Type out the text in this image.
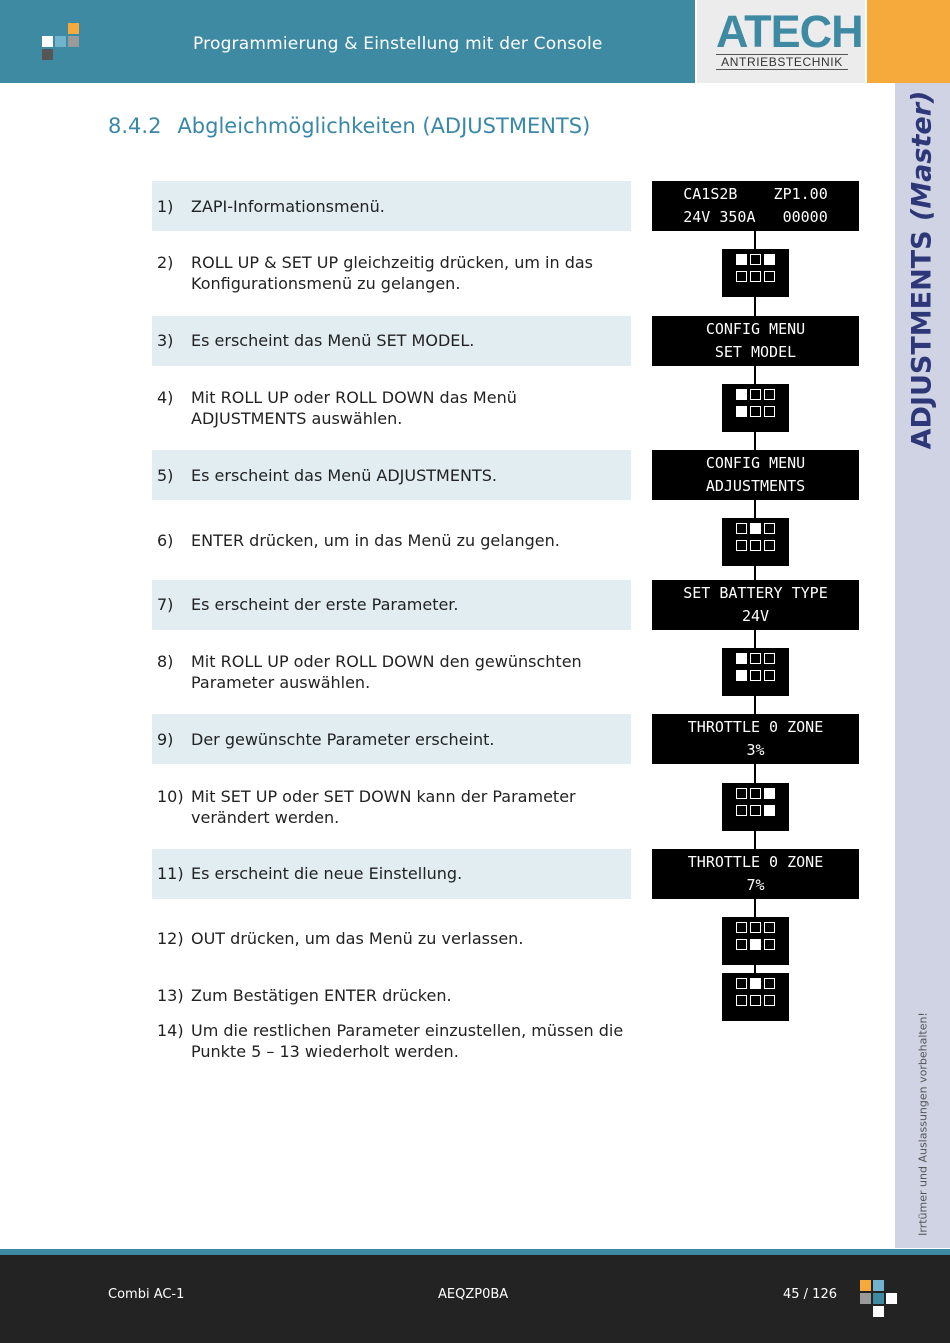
Programmierung & Einstellung mit der Console	ATECH
ANTRIEBSTECHNIK
ADJUSTMENTS (Master)
Irrtümer und Auslassungen vorbehalten!
8.4.2 Abgleichmöglichkeiten (ADJUSTMENTS)
1) ZAPI-Informationsmenü.
2) ROLL UP & SET UP gleichzeitig drücken, um in das Konfigurationsmenü zu gelangen.
3) Es erscheint das Menü SET MODEL.
4) Mit ROLL UP oder ROLL DOWN das Menü ADJUSTMENTS auswählen.
5) Es erscheint das Menü ADJUSTMENTS.
6) ENTER drücken, um in das Menü zu gelangen.
7) Es erscheint der erste Parameter.
8) Mit ROLL UP oder ROLL DOWN den gewünschten Parameter auswählen.
9) Der gewünschte Parameter erscheint.
10) Mit SET UP oder SET DOWN kann der Parameter verändert werden.
11) Es erscheint die neue Einstellung.
12) OUT drücken, um das Menü zu verlassen.
13) Zum Bestätigen ENTER drücken.
14) Um die restlichen Parameter einzustellen, müssen die Punkte 5 – 13 wiederholt werden.
CA1S2B    ZP1.00
24V 350A   00000
CONFIG MENU
SET MODEL
CONFIG MENU
ADJUSTMENTS
SET BATTERY TYPE
24V
THROTTLE 0 ZONE
3%
THROTTLE 0 ZONE
7%
Combi AC-1	AEQZP0BA	45 / 126
